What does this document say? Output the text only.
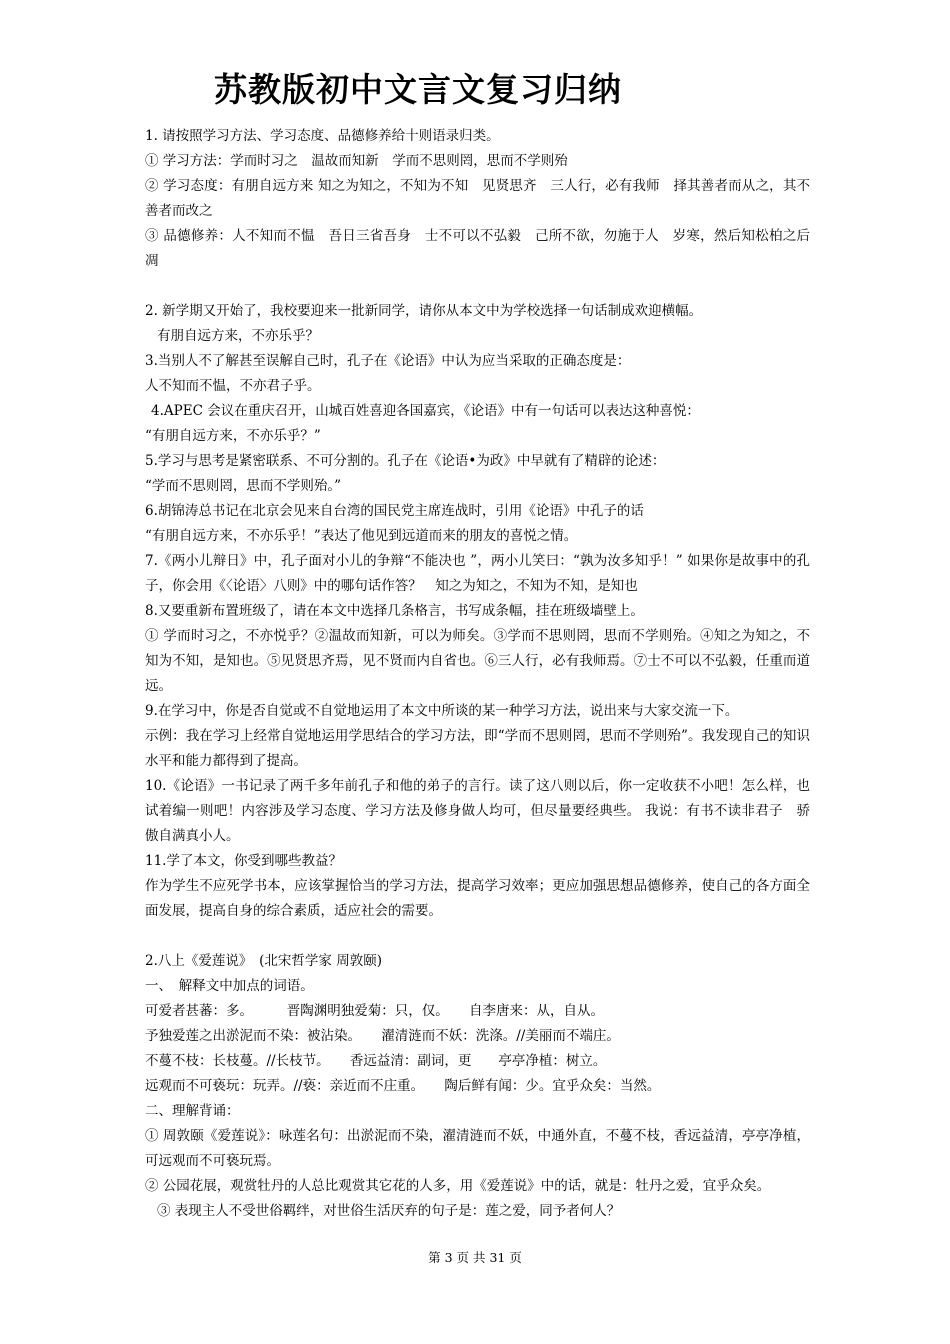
苏教版初中文言文复习归纳

1. 请按照学习方法、学习态度、品德修养给十则语录归类。

① 学习方法：学而时习之　温故而知新　学而不思则罔，思而不学则殆

② 学习态度：有朋自远方来 知之为知之，不知为不知　见贤思齐　三人行，必有我师　择其善者而从之，其不善者而改之

③ 品德修养：人不知而不愠　吾日三省吾身　士不可以不弘毅　己所不欲，勿施于人　岁寒，然后知松柏之后凋

2. 新学期又开始了，我校要迎来一批新同学，请你从本文中为学校选择一句话制成欢迎横幅。

有朋自远方来，不亦乐乎？

3.当别人不了解甚至误解自己时，孔子在《论语》中认为应当采取的正确态度是：

人不知而不愠，不亦君子乎。

4.APEC 会议在重庆召开，山城百姓喜迎各国嘉宾，《论语》中有一句话可以表达这种喜悦：

“有朋自远方来，不亦乐乎？”

5.学习与思考是紧密联系、不可分割的。孔子在《论语•为政》中早就有了精辟的论述：

“学而不思则罔，思而不学则殆。”

6.胡锦涛总书记在北京会见来自台湾的国民党主席连战时，引用《论语》中孔子的话

“有朋自远方来，不亦乐乎！”表达了他见到远道而来的朋友的喜悦之情。

7.《两小儿辩日》中，孔子面对小儿的争辩“不能决也 ”，两小儿笑曰：“孰为汝多知乎！” 如果你是故事中的孔子，你会用《〈论语〉八则》中的哪句话作答？　知之为知之，不知为不知，是知也

8.又要重新布置班级了，请在本文中选择几条格言，书写成条幅，挂在班级墙壁上。

① 学而时习之，不亦悦乎？②温故而知新，可以为师矣。③学而不思则罔，思而不学则殆。④知之为知之，不知为不知，是知也。⑤见贤思齐焉，见不贤而内自省也。⑥三人行，必有我师焉。⑦士不可以不弘毅，任重而道远。

9.在学习中，你是否自觉或不自觉地运用了本文中所谈的某一种学习方法，说出来与大家交流一下。

示例：我在学习上经常自觉地运用学思结合的学习方法，即“学而不思则罔，思而不学则殆”。我发现自己的知识水平和能力都得到了提高。

10.《论语》一书记录了两千多年前孔子和他的弟子的言行。读了这八则以后，你一定收获不小吧！怎么样，也试着编一则吧！内容涉及学习态度、学习方法及修身做人均可，但尽量要经典些。 我说：有书不读非君子　骄傲自满真小人。

11.学了本文，你受到哪些教益？

作为学生不应死学书本，应该掌握恰当的学习方法，提高学习效率；更应加强思想品德修养，使自己的各方面全面发展，提高自身的综合素质，适应社会的需要。

2.八上《爱莲说》　(北宋哲学家 周敦颐)

一、　解释文中加点的词语。

可爱者甚蕃：多。　　　晋陶渊明独爱菊：只，仅。　　自李唐来：从，自从。

予独爱莲之出淤泥而不染：被沾染。　　濯清涟而不妖：洗涤。//美丽而不端庄。

不蔓不枝：长枝蔓。//长枝节。　　香远益清：副词，更　　亭亭净植：树立。

远观而不可亵玩：玩弄。//亵：亲近而不庄重。　　陶后鲜有闻：少。宜乎众矣：当然。

二、理解背诵：

① 周敦颐《爱莲说》：咏莲名句：出淤泥而不染，濯清涟而不妖，中通外直，不蔓不枝，香远益清，亭亭净植，可远观而不可亵玩焉。

② 公园花展，观赏牡丹的人总比观赏其它花的人多，用《爱莲说》中的话，就是：牡丹之爱，宜乎众矣。

③ 表现主人不受世俗羁绊，对世俗生活厌弃的句子是：莲之爱，同予者何人？

第 3 页 共 31 页
